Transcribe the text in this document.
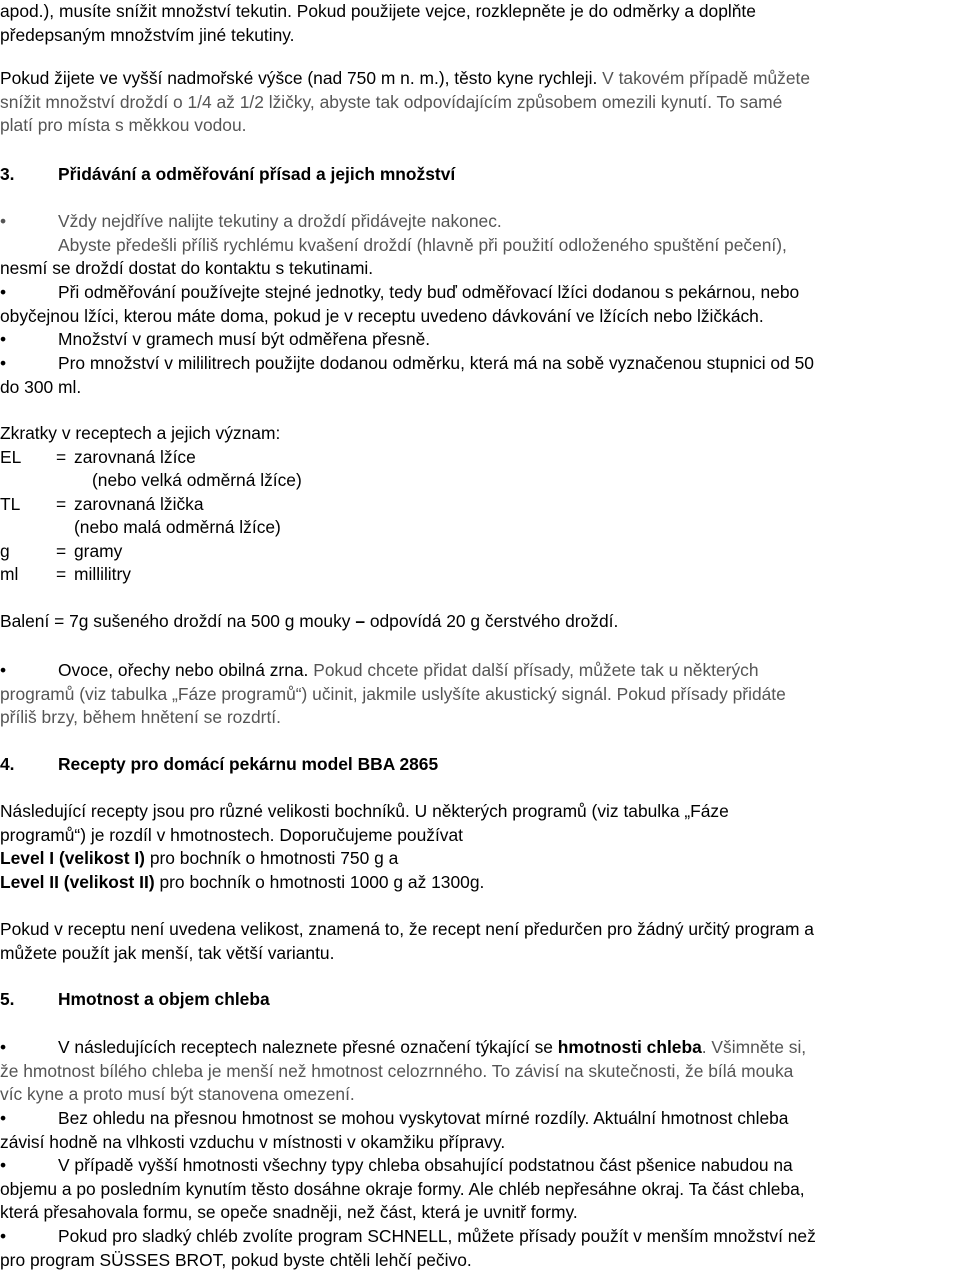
apod.), musíte snížit množství tekutin. Pokud použijete vejce, rozklepněte je do odměrky a doplňte
předepsaným množstvím jiné tekutiny.
Pokud žijete ve vyšší nadmořské výšce (nad 750 m n. m.), těsto kyne rychleji. V takovém případě můžete
snížit množství droždí o 1/4 až 1/2 lžičky, abyste tak odpovídajícím způsobem omezili kynutí. To samé
platí pro místa s měkkou vodou.
3. Přidávání a odměřování přísad a jejich množství
•	Vždy nejdříve nalijte tekutiny a droždí přidávejte nakonec.
Abyste předešli příliš rychlému kvašení droždí (hlavně při použití odloženého spuštění pečení),
nesmí se droždí dostat do kontaktu s tekutinami.
•	Při odměřování používejte stejné jednotky, tedy buď odměřovací lžíci dodanou s pekárnou, nebo
obyčejnou lžíci, kterou máte doma, pokud je v receptu uvedeno dávkování ve lžících nebo lžičkách.
•	Množství v gramech musí být odměřena přesně.
•	Pro množství v mililitrech použijte dodanou odměrku, která má na sobě vyznačenou stupnici od 50
do 300 ml.
Zkratky v receptech a jejich význam:
EL	=	zarovnaná lžíce
		(nebo velká odměrná lžíce)
TL	=	zarovnaná lžička
		(nebo malá odměrná lžíce)
g	=	gramy
ml	=	millilitry
Balení = 7g sušeného droždí na 500 g mouky – odpovídá 20 g čerstvého droždí.
•	Ovoce, ořechy nebo obilná zrna. Pokud chcete přidat další přísady, můžete tak u některých
programů (viz tabulka „Fáze programů“) učinit, jakmile uslyšíte akustický signál. Pokud přísady přidáte
příliš brzy, během hnětení se rozdrtí.
4. Recepty pro domácí pekárnu model BBA 2865
Následující recepty jsou pro různé velikosti bochníků. U některých programů (viz tabulka „Fáze
programů“) je rozdíl v hmotnostech. Doporučujeme používat
Level I (velikost I) pro bochník o hmotnosti 750 g a
Level II (velikost II) pro bochník o hmotnosti 1000 g až 1300g.
Pokud v receptu není uvedena velikost, znamená to, že recept není předurčen pro žádný určitý program a
můžete použít jak menší, tak větší variantu.
5. Hmotnost a objem chleba
•	V následujících receptech naleznete přesné označení týkající se hmotnosti chleba. Všimněte si,
že hmotnost bílého chleba je menší než hmotnost celozrnného. To závisí na skutečnosti, že bílá mouka
víc kyne a proto musí být stanovena omezení.
•	Bez ohledu na přesnou hmotnost se mohou vyskytovat mírné rozdíly. Aktuální hmotnost chleba
závisí hodně na vlhkosti vzduchu v místnosti v okamžiku přípravy.
•	V případě vyšší hmotnosti všechny typy chleba obsahující podstatnou část pšenice nabudou na
objemu a po posledním kynutím těsto dosáhne okraje formy. Ale chléb nepřesáhne okraj. Ta část chleba,
která přesahovala formu, se opeče snadněji, než část, která je uvnitř formy.
•	Pokud pro sladký chléb zvolíte program SCHNELL, můžete přísady použít v menším množství než
pro program SÜSSES BROT, pokud byste chtěli lehčí pečivo.
